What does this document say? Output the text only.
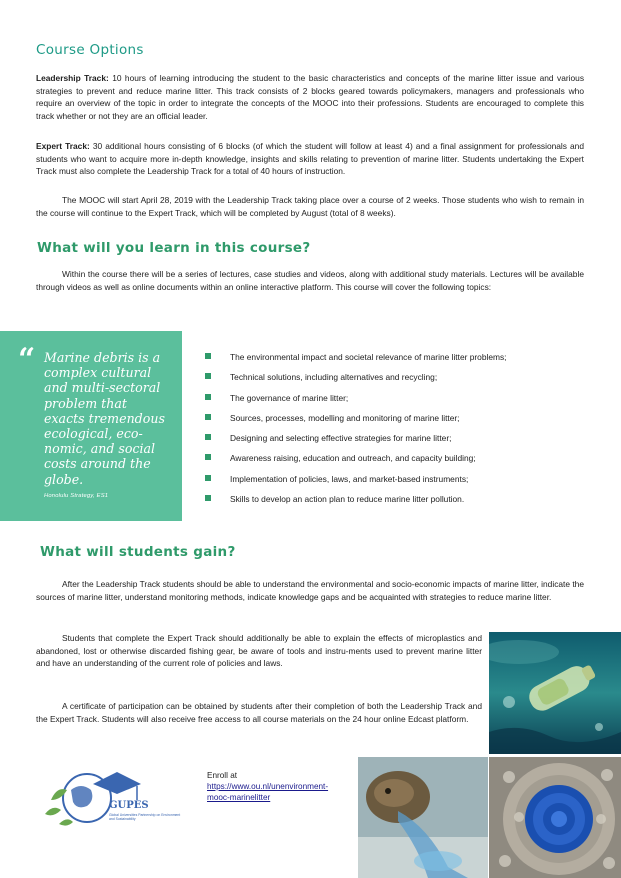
Course Options
Leadership Track: 10 hours of learning introducing the student to the basic characteristics and concepts of the marine litter issue and various strategies to prevent and reduce marine litter. This track consists of 2 blocks geared towards policymakers, managers and professionals who require an overview of the topic in order to integrate the concepts of the MOOC into their professions. Students are encouraged to complete this track whether or not they are an official leader.
Expert Track: 30 additional hours consisting of 6 blocks (of which the student will follow at least 4) and a final assignment for professionals and students who want to acquire more in-depth knowledge, insights and skills relating to prevention of marine litter. Students undertaking the Expert Track must also complete the Leadership Track for a total of 40 hours of instruction.
The MOOC will start April 28, 2019 with the Leadership Track taking place over a course of 2 weeks. Those students who wish to remain in the course will continue to the Expert Track, which will be completed by August (total of 8 weeks).
What will you learn in this course?
Within the course there will be a series of lectures, case studies and videos, along with additional study materials. Lectures will be available through videos as well as online documents within an online interactive platform. This course will cover the following topics:
“ Marine debris is a complex cultural and multi-sectoral problem that exacts tremendous ecological, eco-nomic, and social costs around the globe.
Honolulu Strategy, ES1
The environmental impact and societal relevance of marine litter problems;
Technical solutions, including alternatives and recycling;
The governance of marine litter;
Sources, processes, modelling and monitoring of marine litter;
Designing and selecting effective strategies for marine litter;
Awareness raising, education and outreach, and capacity building;
Implementation of policies, laws, and market-based instruments;
Skills to develop an action plan to reduce marine litter pollution.
What will students gain?
After the Leadership Track students should be able to understand the environmental and socio-economic impacts of marine litter, indicate the sources of marine litter, understand monitoring methods, indicate knowledge gaps and be acquainted with strategies to reduce marine litter.
Students that complete the Expert Track should additionally be able to explain the effects of microplastics and abandoned, lost or otherwise discarded fishing gear, be aware of tools and instru-ments used to prevent marine litter and have an understanding of the current role of policies and laws.
A certificate of participation can be obtained by students after their completion of both the Leadership Track and the Expert Track. Students will also receive free access to all course materials on the 24 hour online Edcast platform.
GUPES
Global Universities Partnership on Environment and Sustainability
Enroll at
https://www.ou.nl/unenvironment-
mooc-marinelitter
